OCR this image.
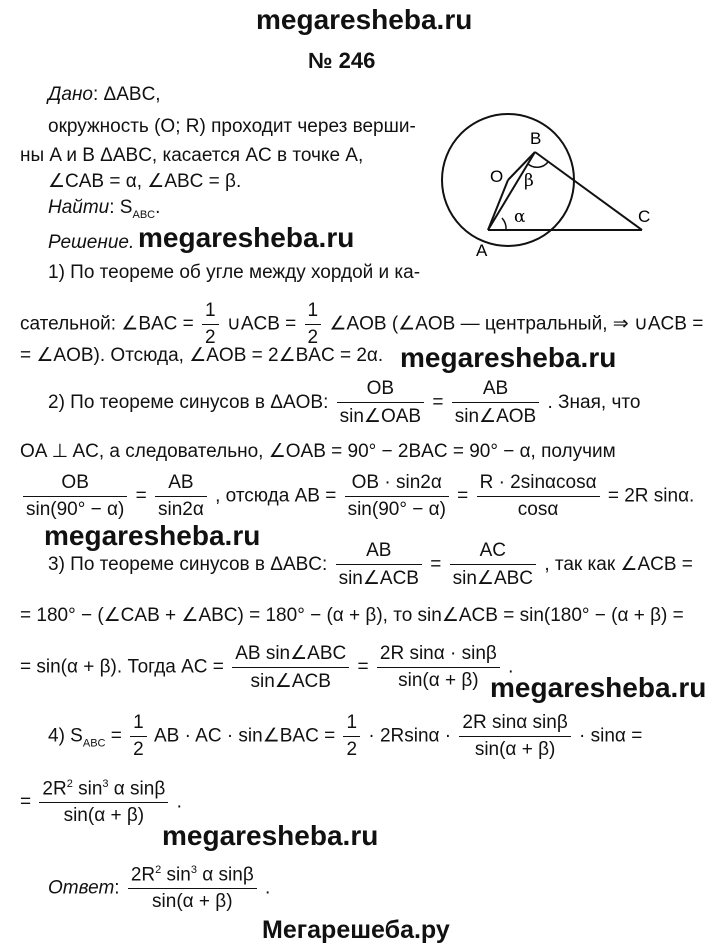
megaresheba.ru
№ 246
Дано: ΔABC,
окружность (O; R) проходит через верши-
ны A и B ΔABC, касается AC в точке A,
∠CAB = α, ∠ABC = β.
Найти: $S_{ABC}$.
Решение. megaresheba.ru
O
A
B
C
α
β
1) По теореме об угле между хордой и ка-
сательной: ∠BAC = $\frac{1}{2}$ ∪ACB = $\frac{1}{2}$ ∠AOB (∠AOB — центральный, ⇒ ∪ACB =
= ∠AOB). Отсюда, ∠AOB = 2∠BAC = 2α. megaresheba.ru
2) По теореме синусов в ΔAOB: $\frac{OB}{\text{sin∠OAB}} = \frac{AB}{\text{sin∠AOB}}$ . Зная, что
OA ⊥ AC, а следовательно, ∠OAB = 90° − 2BAC = 90° − α, получим
$\frac{OB}{\sin(90^\circ - \alpha)} = \frac{AB}{\sin 2\alpha}$ , отсюда AB = $\frac{OB \cdot \sin 2\alpha}{\sin(90^\circ - \alpha)} = \frac{R \cdot 2\sin\alpha\cos\alpha}{\cos\alpha} = 2R$ sinα.
megaresheba.ru
3) По теореме синусов в ΔABC: $\frac{AB}{\text{sin∠ACB}} = \frac{AC}{\text{sin∠ABC}}$ , так как ∠ACB =
= 180° − (∠CAB + ∠ABC) = 180° − (α + β), то sin∠ACB = sin(180° − (α + β) =
= sin(α + β). Тогда AC = $\frac{\text{AB sin∠ABC}}{\text{sin∠ACB}} = \frac{\text{2R sinα · sinβ}}{\sin(\alpha + \beta)}$ .
megaresheba.ru
4) $S_{ABC} = \frac{1}{2}$ AB · AC · sin∠BAC = $\frac{1}{2} \cdot 2Rsin\alpha \cdot \frac{\text{2R sinα sinβ}}{\sin(\alpha + \beta)} \cdot \sin\alpha$ =
= $\frac{2R^2 \sin^3 \alpha \sin\beta}{\sin(\alpha + \beta)}$ .
megaresheba.ru
Ответ: $\frac{2R^2 \sin^3 \alpha \sin\beta}{\sin(\alpha + \beta)}$ .
Мегарешеба.ру
